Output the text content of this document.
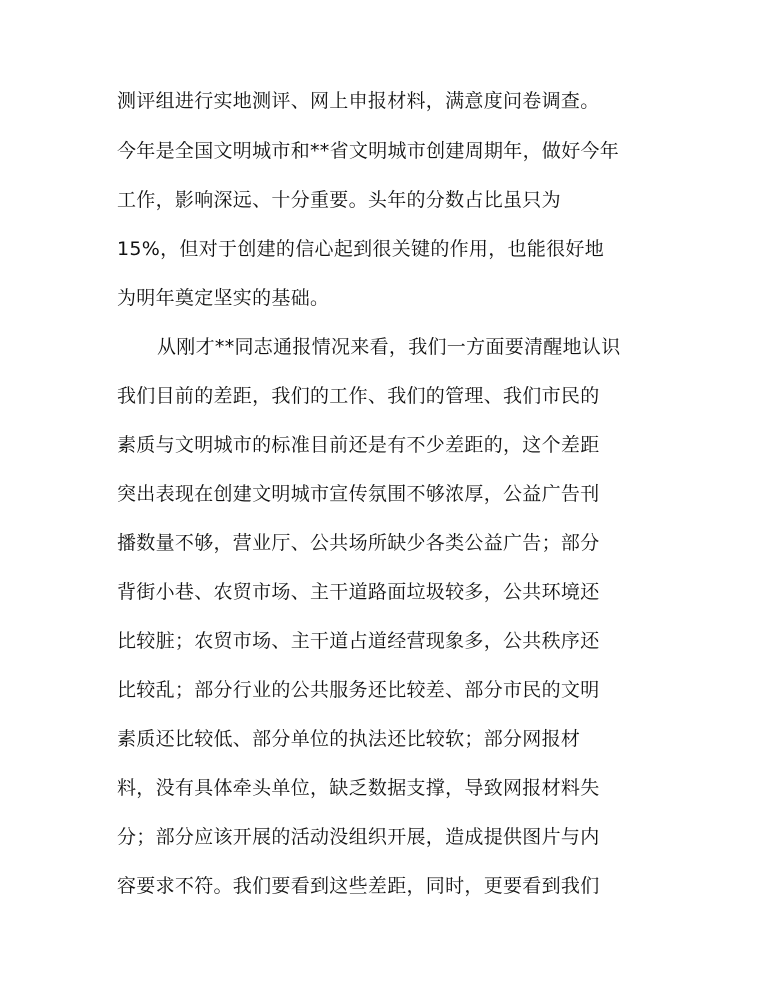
测评组进行实地测评、网上申报材料，满意度问卷调查。
今年是全国文明城市和**省文明城市创建周期年，做好今年
工作，影响深远、十分重要。头年的分数占比虽只为
15%，但对于创建的信心起到很关键的作用，也能很好地
为明年奠定坚实的基础。
从刚才**同志通报情况来看，我们一方面要清醒地认识
我们目前的差距，我们的工作、我们的管理、我们市民的
素质与文明城市的标准目前还是有不少差距的，这个差距
突出表现在创建文明城市宣传氛围不够浓厚，公益广告刊
播数量不够，营业厅、公共场所缺少各类公益广告；部分
背街小巷、农贸市场、主干道路面垃圾较多，公共环境还
比较脏；农贸市场、主干道占道经营现象多，公共秩序还
比较乱；部分行业的公共服务还比较差、部分市民的文明
素质还比较低、部分单位的执法还比较软；部分网报材
料，没有具体牵头单位，缺乏数据支撑，导致网报材料失
分；部分应该开展的活动没组织开展，造成提供图片与内
容要求不符。我们要看到这些差距，同时，更要看到我们
